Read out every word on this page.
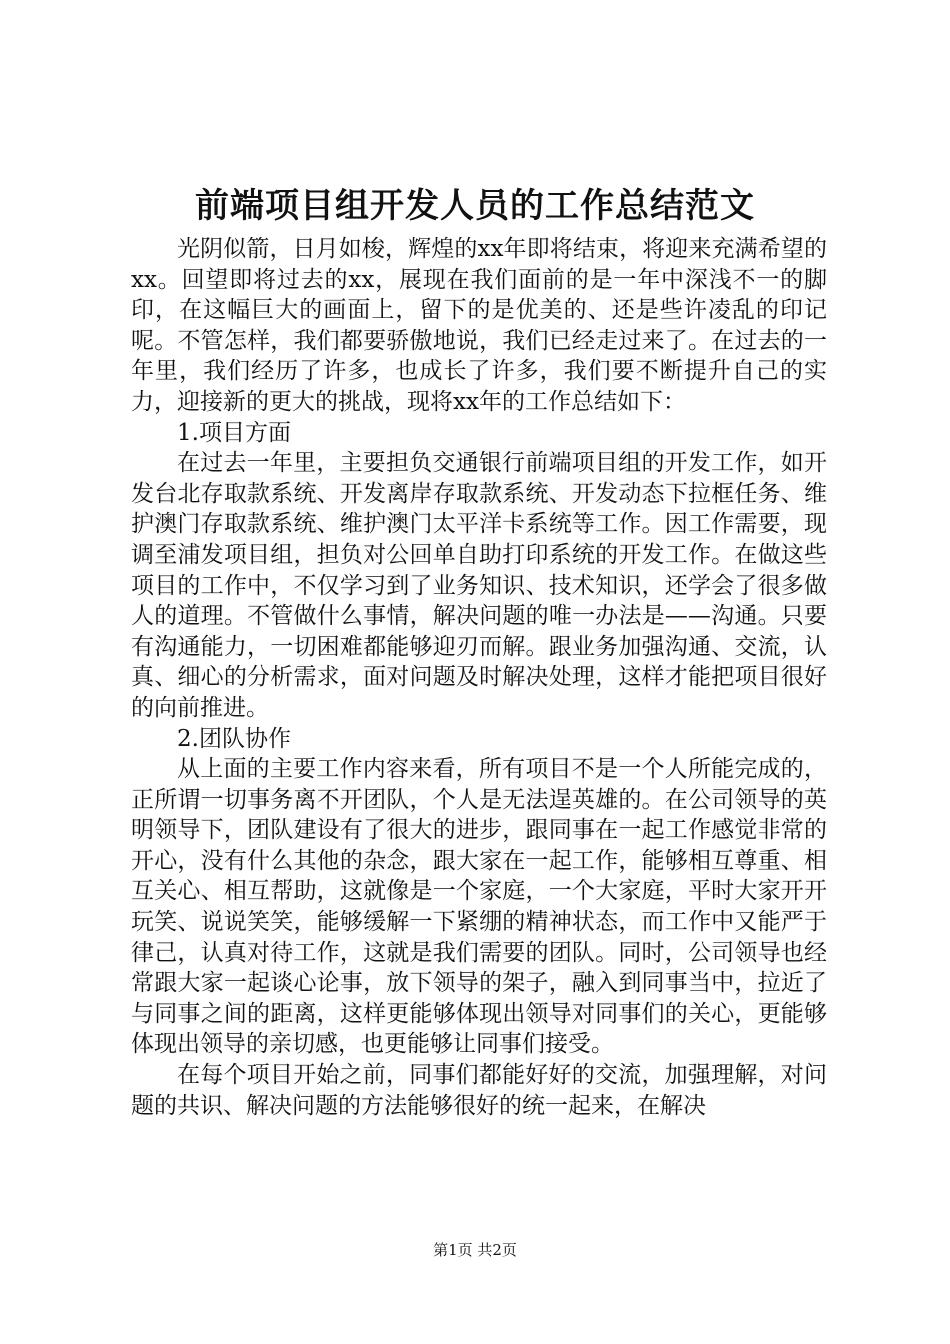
前端项目组开发人员的工作总结范文

光阴似箭，日月如梭，辉煌的xx年即将结束，将迎来充满希望的xx。回望即将过去的xx，展现在我们面前的是一年中深浅不一的脚印，在这幅巨大的画面上，留下的是优美的、还是些许凌乱的印记呢。不管怎样，我们都要骄傲地说，我们已经走过来了。在过去的一年里，我们经历了许多，也成长了许多，我们要不断提升自己的实力，迎接新的更大的挑战，现将xx年的工作总结如下：

1.项目方面

在过去一年里，主要担负交通银行前端项目组的开发工作，如开发台北存取款系统、开发离岸存取款系统、开发动态下拉框任务、维护澳门存取款系统、维护澳门太平洋卡系统等工作。因工作需要，现调至浦发项目组，担负对公回单自助打印系统的开发工作。在做这些项目的工作中，不仅学习到了业务知识、技术知识，还学会了很多做人的道理。不管做什么事情，解决问题的唯一办法是——沟通。只要有沟通能力，一切困难都能够迎刃而解。跟业务加强沟通、交流，认真、细心的分析需求，面对问题及时解决处理，这样才能把项目很好的向前推进。

2.团队协作

从上面的主要工作内容来看，所有项目不是一个人所能完成的，正所谓一切事务离不开团队，个人是无法逞英雄的。在公司领导的英明领导下，团队建设有了很大的进步，跟同事在一起工作感觉非常的开心，没有什么其他的杂念，跟大家在一起工作，能够相互尊重、相互关心、相互帮助，这就像是一个家庭，一个大家庭，平时大家开开玩笑、说说笑笑，能够缓解一下紧绷的精神状态，而工作中又能严于律己，认真对待工作，这就是我们需要的团队。同时，公司领导也经常跟大家一起谈心论事，放下领导的架子，融入到同事当中，拉近了与同事之间的距离，这样更能够体现出领导对同事们的关心，更能够体现出领导的亲切感，也更能够让同事们接受。

在每个项目开始之前，同事们都能好好的交流，加强理解，对问题的共识、解决问题的方法能够很好的统一起来，在解决

第1页 共2页
